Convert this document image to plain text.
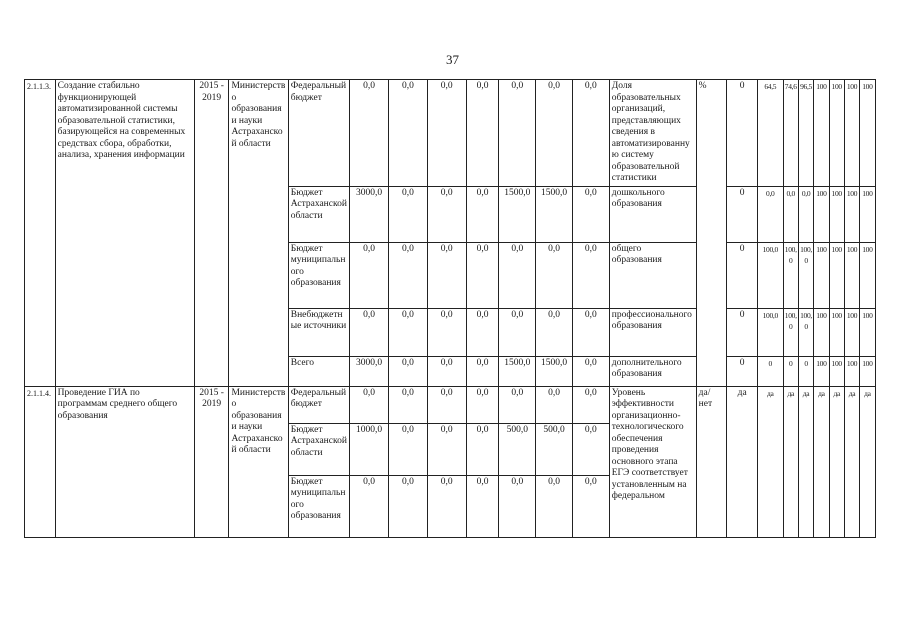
37
2.1.1.3.	Создание стабильно функционирующей автоматизированной системы образовательной статистики, базирующейся на современных средствах сбора, обработки, анализа, хранения информации	2015 - 2019	Министерство образования и науки Астраханской области	Федеральный бюджет	0,0	0,0	0,0	0,0	0,0	0,0	0,0	Доля образовательных организаций, представляющих сведения в автоматизированную систему образовательной статистики	%	0	64,5	74,6	96,5	100	100	100	100
				Бюджет Астраханской области	3000,0	0,0	0,0	0,0	1500,0	1500,0	0,0	дошкольного образования		0	0,0	0,0	0,0	100	100	100	100
				Бюджет муниципального образования	0,0	0,0	0,0	0,0	0,0	0,0	0,0	общего образования		0	100,0	100,0	100,0	100	100	100	100
				Внебюджетные источники	0,0	0,0	0,0	0,0	0,0	0,0	0,0	профессионального образования		0	100,0	100,0	100,0	100	100	100	100
				Всего	3000,0	0,0	0,0	0,0	1500,0	1500,0	0,0	дополнительного образования		0	0	0	0	100	100	100	100
2.1.1.4.	Проведение ГИА по программам среднего общего образования	2015 - 2019	Министерство образования и науки Астраханской области	Федеральный бюджет	0,0	0,0	0,0	0,0	0,0	0,0	0,0	Уровень эффективности организационно-технологического обеспечения проведения основного этапа ЕГЭ соответствует установленным на федеральном	да/ нет	да	да	да	да	да	да	да	да
				Бюджет Астраханской области	1000,0	0,0	0,0	0,0	500,0	500,0	0,0										
				Бюджет муниципального образования	0,0	0,0	0,0	0,0	0,0	0,0	0,0										
